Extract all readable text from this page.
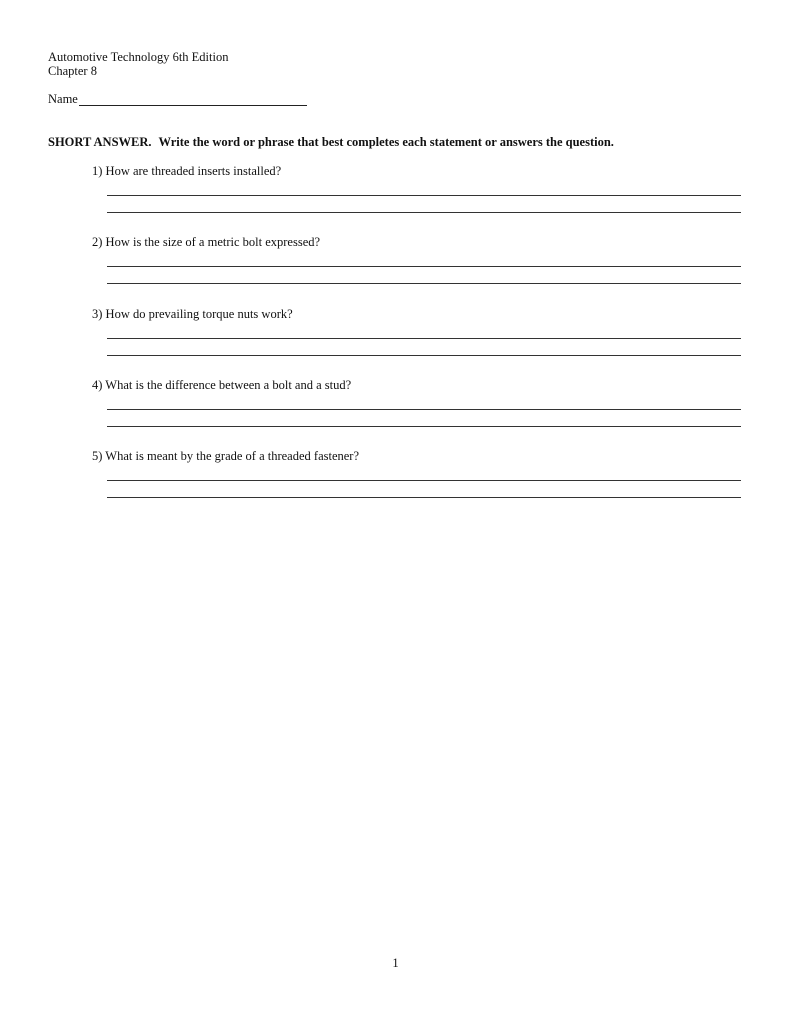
Automotive Technology 6th Edition
Chapter 8
Name
SHORT ANSWER. Write the word or phrase that best completes each statement or answers the question.
1) How are threaded inserts installed?
2) How is the size of a metric bolt expressed?
3) How do prevailing torque nuts work?
4) What is the difference between a bolt and a stud?
5) What is meant by the grade of a threaded fastener?
1
